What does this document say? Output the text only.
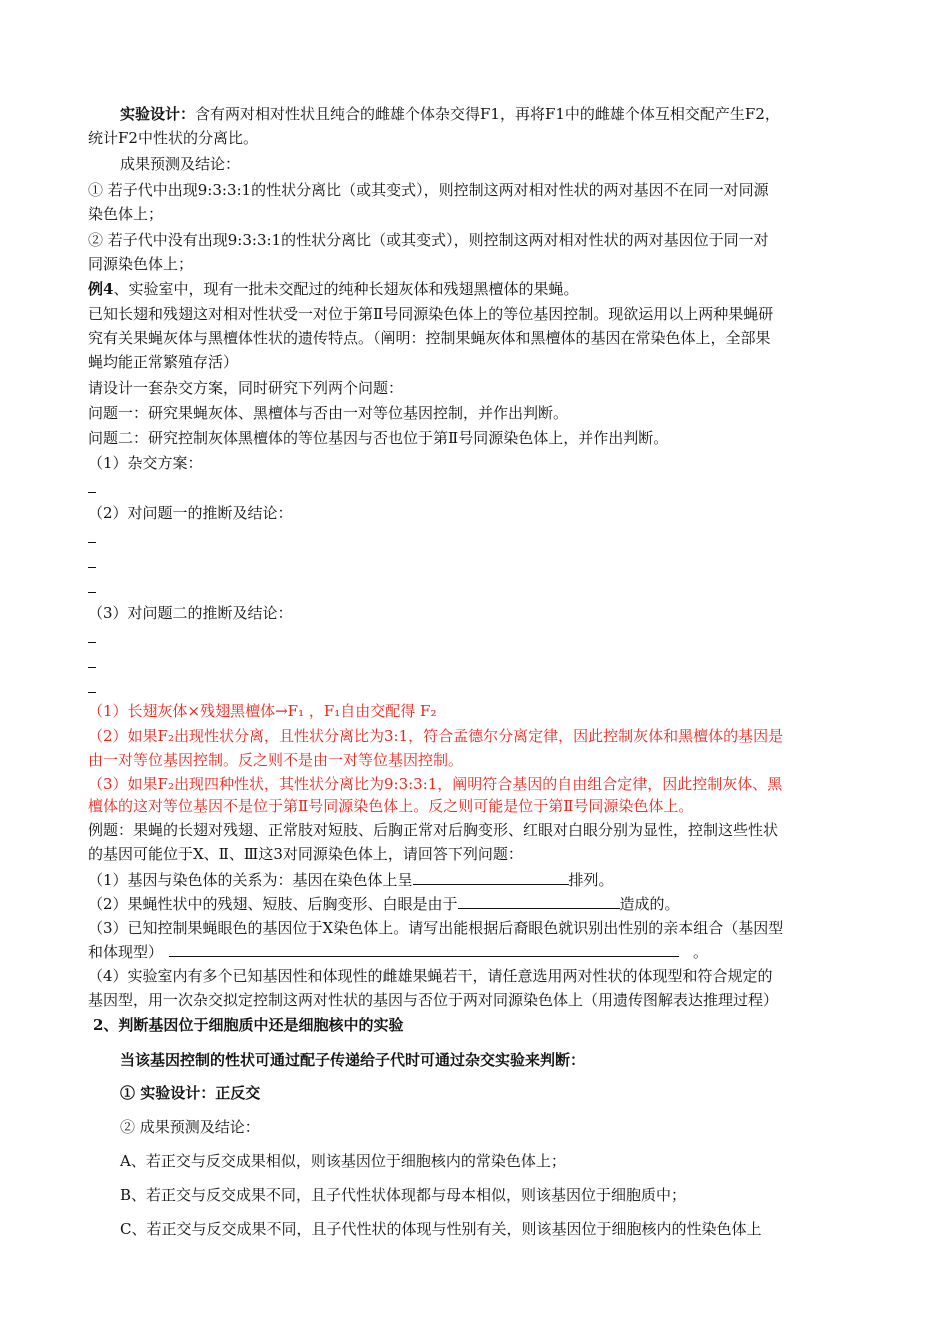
实验设计：含有两对相对性状且纯合的雌雄个体杂交得F1，再将F1中的雌雄个体互相交配产生F2，
统计F2中性状的分离比。
成果预测及结论：
① 若子代中出现9:3:3:1的性状分离比（或其变式），则控制这两对相对性状的两对基因不在同一对同源
染色体上；
② 若子代中没有出现9:3:3:1的性状分离比（或其变式），则控制这两对相对性状的两对基因位于同一对
同源染色体上；
例4、实验室中，现有一批未交配过的纯种长翅灰体和残翅黑檀体的果蝇。
已知长翅和残翅这对相对性状受一对位于第Ⅱ号同源染色体上的等位基因控制。现欲运用以上两种果蝇研
究有关果蝇灰体与黑檀体性状的遗传特点。（阐明：控制果蝇灰体和黑檀体的基因在常染色体上，全部果
蝇均能正常繁殖存活）
请设计一套杂交方案，同时研究下列两个问题：
问题一：研究果蝇灰体、黑檀体与否由一对等位基因控制，并作出判断。
问题二：研究控制灰体黑檀体的等位基因与否也位于第Ⅱ号同源染色体上，并作出判断。
（1）杂交方案：
（2）对问题一的推断及结论：
（3）对问题二的推断及结论：
（1）长翅灰体×残翅黑檀体→F₁ ，F₁自由交配得 F₂
（2）如果F₂出现性状分离，且性状分离比为3:1，符合孟德尔分离定律，因此控制灰体和黑檀体的基因是
由一对等位基因控制。反之则不是由一对等位基因控制。
（3）如果F₂出现四种性状，其性状分离比为9:3:3:1，阐明符合基因的自由组合定律，因此控制灰体、黑
檀体的这对等位基因不是位于第Ⅱ号同源染色体上。反之则可能是位于第Ⅱ号同源染色体上。
例题：果蝇的长翅对残翅、正常肢对短肢、后胸正常对后胸变形、红眼对白眼分别为显性，控制这些性状
的基因可能位于X、Ⅱ、Ⅲ这3对同源染色体上，请回答下列问题：
（1）基因与染色体的关系为：基因在染色体上呈	排列。
（2）果蝇性状中的残翅、短肢、后胸变形、白眼是由于	造成的。
（3）已知控制果蝇眼色的基因位于X染色体上。请写出能根据后裔眼色就识别出性别的亲本组合（基因型
和体现型）	。
（4）实验室内有多个已知基因性和体现性的雌雄果蝇若干，请任意选用两对性状的体现型和符合规定的
基因型，用一次杂交拟定控制这两对性状的基因与否位于两对同源染色体上（用遗传图解表达推理过程）
2、判断基因位于细胞质中还是细胞核中的实验
当该基因控制的性状可通过配子传递给子代时可通过杂交实验来判断：
① 实验设计：正反交
② 成果预测及结论：
A、若正交与反交成果相似，则该基因位于细胞核内的常染色体上；
B、若正交与反交成果不同，且子代性状体现都与母本相似，则该基因位于细胞质中；
C、若正交与反交成果不同，且子代性状的体现与性别有关，则该基因位于细胞核内的性染色体上
